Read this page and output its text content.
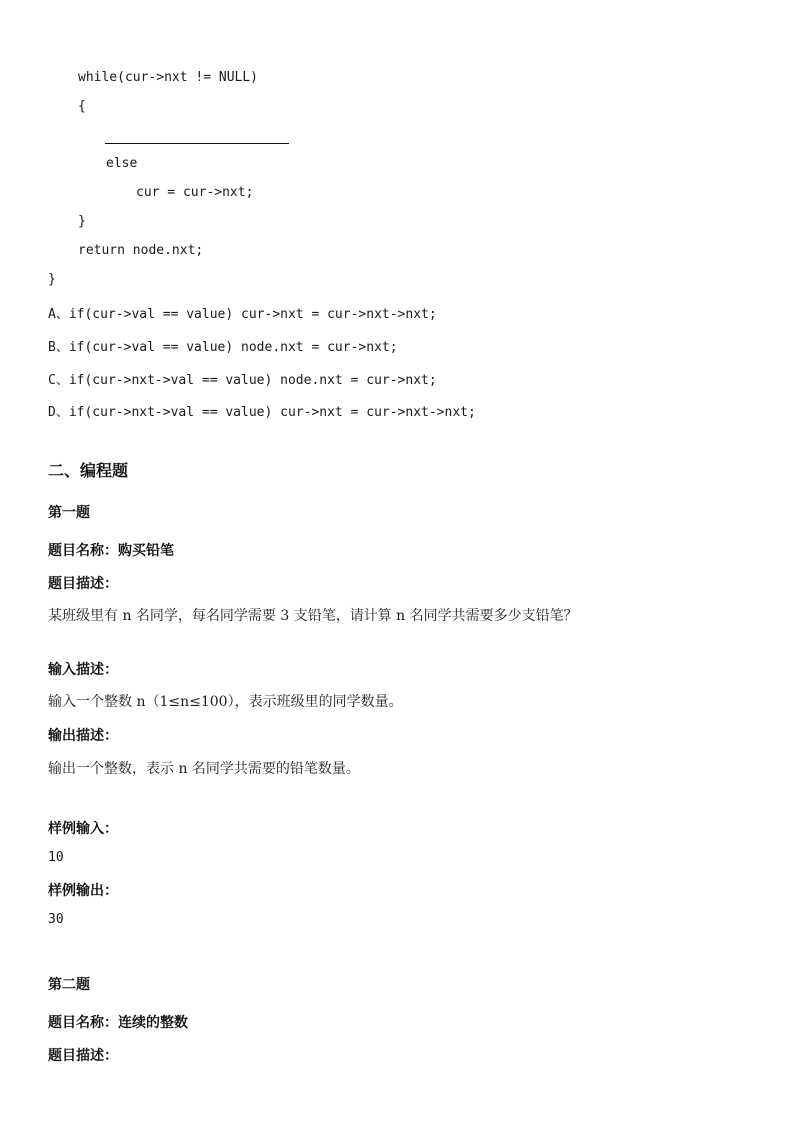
while(cur->nxt != NULL)
{
else
cur = cur->nxt;
}
return node.nxt;
}
A、if(cur->val == value) cur->nxt = cur->nxt->nxt;
B、if(cur->val == value) node.nxt = cur->nxt;
C、if(cur->nxt->val == value) node.nxt = cur->nxt;
D、if(cur->nxt->val == value) cur->nxt = cur->nxt->nxt;
二、编程题
第一题
题目名称：购买铅笔
题目描述：
某班级里有 n 名同学，每名同学需要 3 支铅笔，请计算 n 名同学共需要多少支铅笔？
输入描述：
输入一个整数 n（1≤n≤100），表示班级里的同学数量。
输出描述：
输出一个整数，表示 n 名同学共需要的铅笔数量。
样例输入：
10
样例输出：
30
第二题
题目名称：连续的整数
题目描述：
